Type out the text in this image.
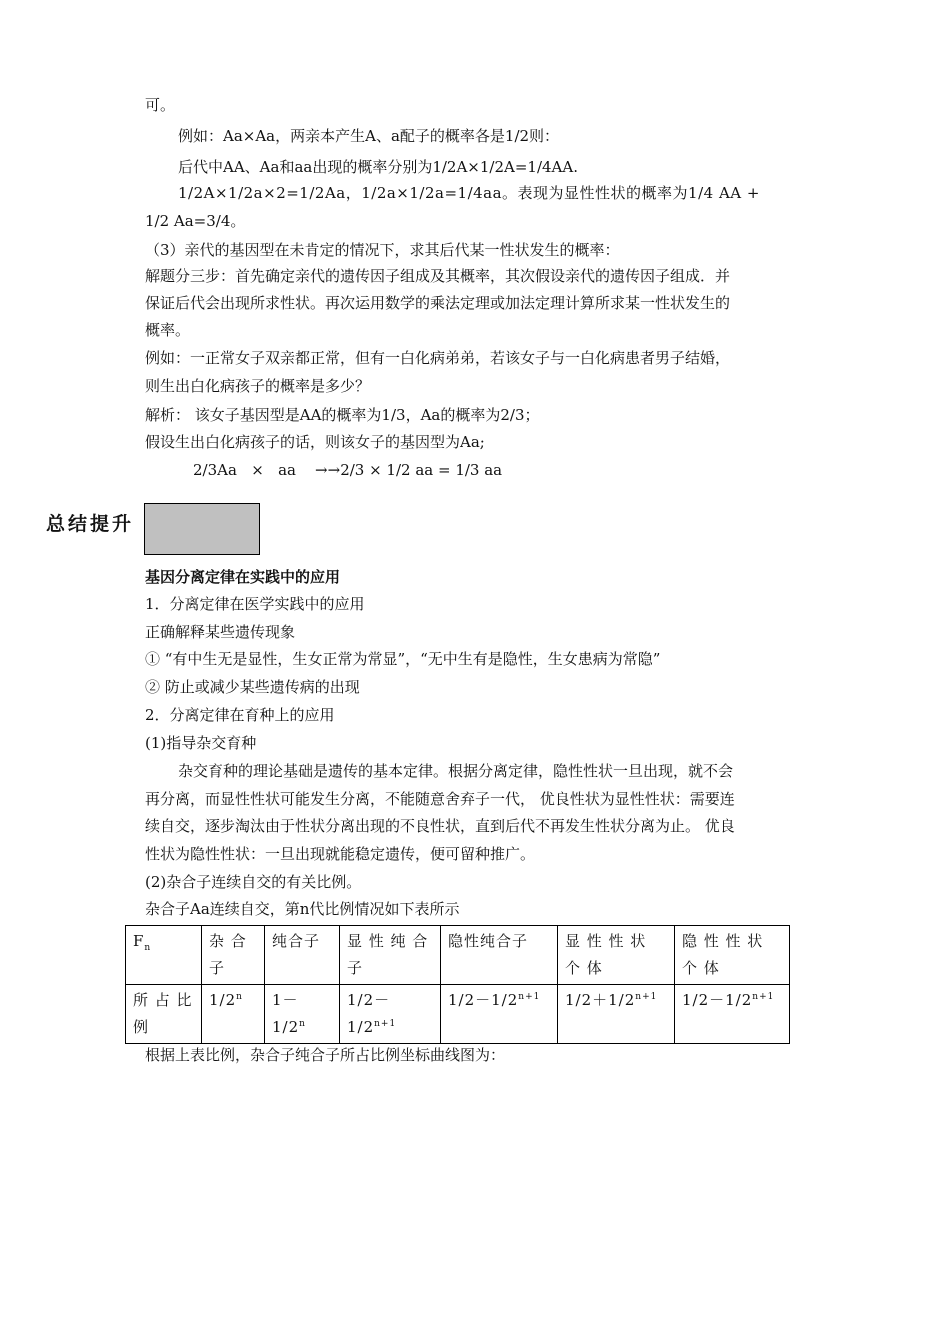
可。
例如：Aa×Aa，两亲本产生A、a配子的概率各是1/2则：
后代中AA、Aa和aa出现的概率分别为1/2A×1/2A=1/4AA.
1/2A×1/2a×2=1/2Aa，1/2a×1/2a=1/4aa。表现为显性性状的概率为1/4 AA +
1/2 Aa=3/4。
（3）亲代的基因型在未肯定的情况下，求其后代某一性状发生的概率：
解题分三步：首先确定亲代的遗传因子组成及其概率，其次假设亲代的遗传因子组成．并
保证后代会出现所求性状。再次运用数学的乘法定理或加法定理计算所求某一性状发生的
概率。
例如：一正常女子双亲都正常，但有一白化病弟弟，若该女子与一白化病患者男子结婚，
则生出白化病孩子的概率是多少？
解析： 该女子基因型是AA的概率为1/3，Aa的概率为2/3；
假设生出白化病孩子的话，则该女子的基因型为Aa;
2/3Aa   ×   aa    →→2/3 × 1/2 aa = 1/3 aa
总结提升
基因分离定律在实践中的应用
1．分离定律在医学实践中的应用
正确解释某些遗传现象
① “有中生无是显性，生女正常为常显”，“无中生有是隐性，生女患病为常隐”
② 防止或减少某些遗传病的出现
2．分离定律在育种上的应用
(1)指导杂交育种
杂交育种的理论基础是遗传的基本定律。根据分离定律，隐性性状一旦出现，就不会
再分离，而显性性状可能发生分离，不能随意舍弃子一代， 优良性状为显性性状：需要连
续自交，逐步淘汰由于性状分离出现的不良性状，直到后代不再发生性状分离为止。 优良
性状为隐性性状：一旦出现就能稳定遗传，便可留种推广。
(2)杂合子连续自交的有关比例。
杂合子Aa连续自交，第n代比例情况如下表所示
$F_n$	杂 合 子	纯合子	显 性 纯 合 子	隐性纯合子	显 性 性 状 个 体	隐 性 性 状 个 体
所 占 比 例	1/2$^n$	$1-1/2^n$	$1/2-1/2^{n+1}$	$1/2-1/2^{n+1}$	$1/2+1/2^{n+1}$	$1/2-1/2^{n+1}$
根据上表比例，杂合子纯合子所占比例坐标曲线图为：
